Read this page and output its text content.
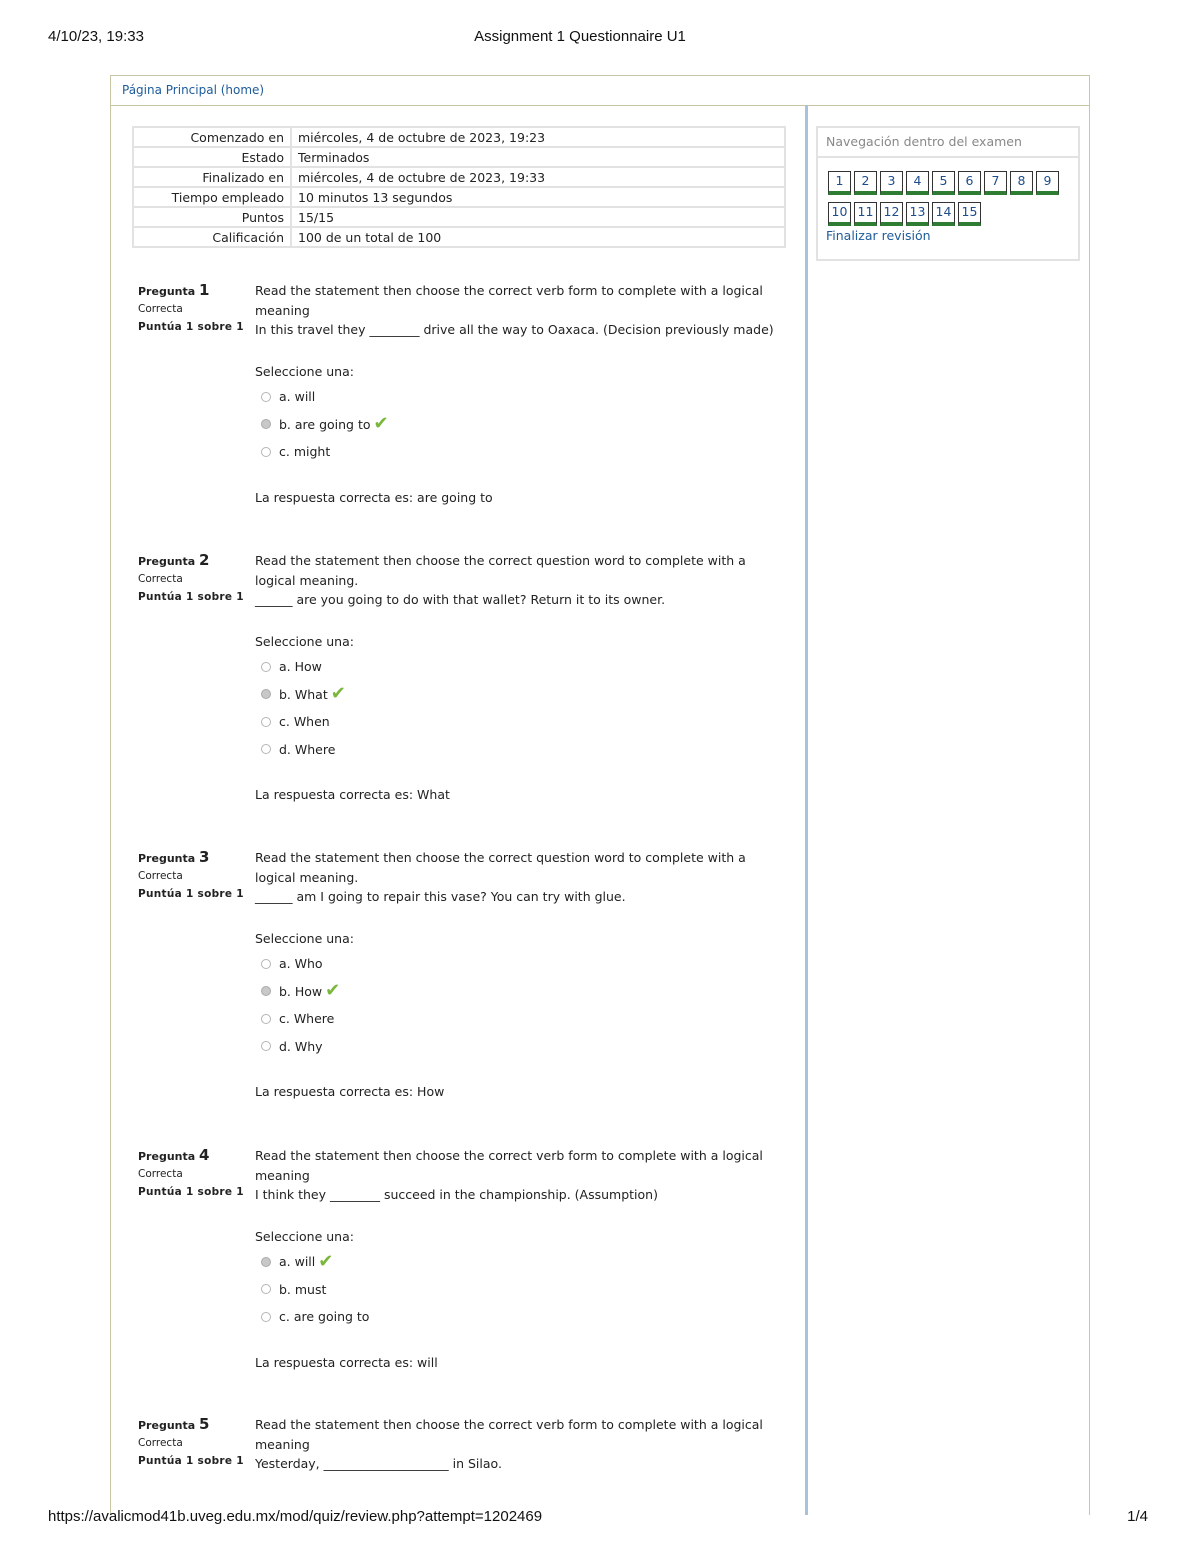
4/10/23, 19:33	Assignment 1 Questionnaire U1
Página Principal (home)
Comenzado en	miércoles, 4 de octubre de 2023, 19:23
Estado	Terminados
Finalizado en	miércoles, 4 de octubre de 2023, 19:33
Tiempo empleado	10 minutos 13 segundos
Puntos	15/15
Calificación	100 de un total de 100
Pregunta 1
Correcta
Puntúa 1 sobre 1

Read the statement then choose the correct verb form to complete with a logical meaning

In this travel they ________ drive all the way to Oaxaca. (Decision previously made)
Seleccione una:
a. will
b. are going to ✔
c. might
La respuesta correcta es: are going to
Pregunta 2
Correcta
Puntúa 1 sobre 1

Read the statement then choose the correct question word to complete with a logical meaning.

______ are you going to do with that wallet? Return it to its owner.
Seleccione una:
a. How
b. What ✔
c. When
d. Where
La respuesta correcta es: What
Pregunta 3
Correcta
Puntúa 1 sobre 1

Read the statement then choose the correct question word to complete with a logical meaning.

______ am I going to repair this vase? You can try with glue.
Seleccione una:
a. Who
b. How ✔
c. Where
d. Why
La respuesta correcta es: How
Pregunta 4
Correcta
Puntúa 1 sobre 1

Read the statement then choose the correct verb form to complete with a logical meaning

I think they ________ succeed in the championship. (Assumption)
Seleccione una:
a. will ✔
b. must
c. are going to
La respuesta correcta es: will
Pregunta 5
Correcta
Puntúa 1 sobre 1

Read the statement then choose the correct verb form to complete with a logical meaning

Yesterday, ____________________ in Silao.
Navegación dentro del examen
1 2 3 4 5 6 7 8 9
10 11 12 13 14 15
Finalizar revisión
https://avalicmod41b.uveg.edu.mx/mod/quiz/review.php?attempt=1202469	1/4
